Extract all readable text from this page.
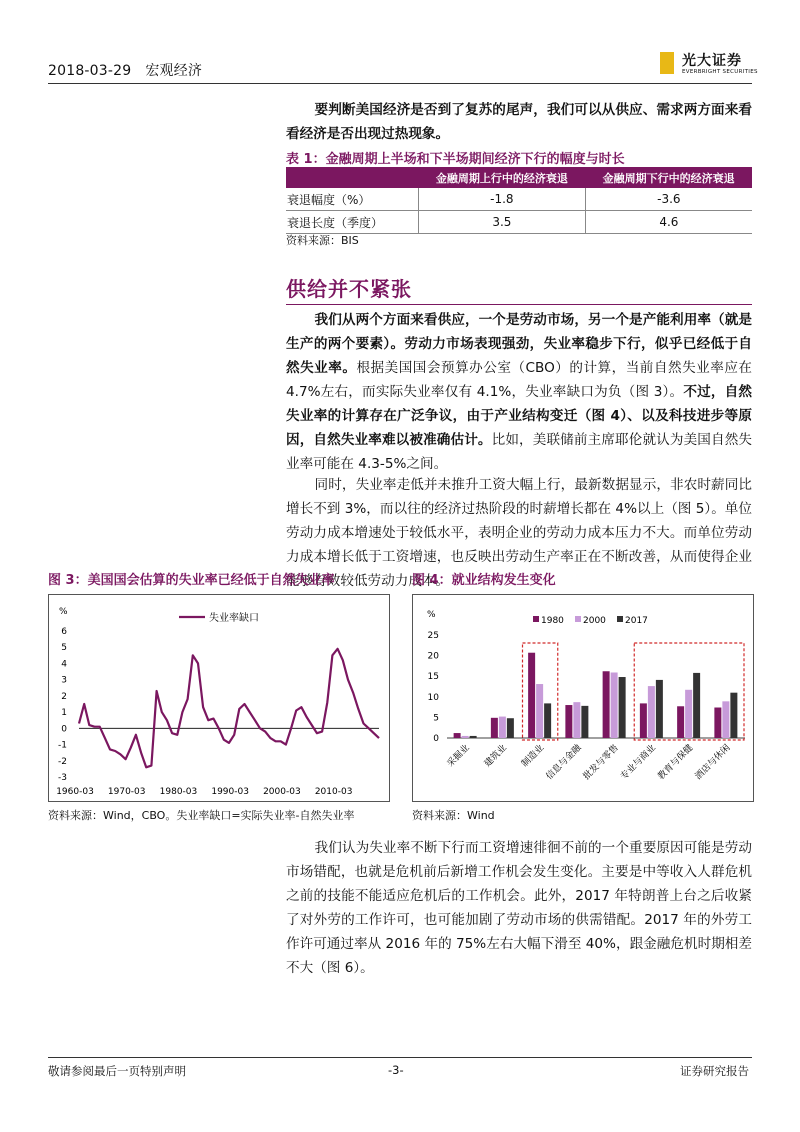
2018-03-29 宏观经济
光大证券
EVERBRIGHT SECURITIES
要判断美国经济是否到了复苏的尾声，我们可以从供应、需求两方面来看看经济是否出现过热现象。
表 1：金融周期上半场和下半场期间经济下行的幅度与时长
	金融周期上行中的经济衰退	金融周期下行中的经济衰退
衰退幅度（%）	-1.8	-3.6
衰退长度（季度）	3.5	4.6
资料来源：BIS
供给并不紧张
我们从两个方面来看供应，一个是劳动市场，另一个是产能利用率（就是生产的两个要素）。劳动力市场表现强劲，失业率稳步下行，似乎已经低于自然失业率。根据美国国会预算办公室（CBO）的计算，当前自然失业率应在 4.7%左右，而实际失业率仅有 4.1%，失业率缺口为负（图 3）。不过，自然失业率的计算存在广泛争议，由于产业结构变迁（图 4）、以及科技进步等原因，自然失业率难以被准确估计。比如，美联储前主席耶伦就认为美国自然失业率可能在 4.3-5%之间。
同时，失业率走低并未推升工资大幅上行，最新数据显示，非农时薪同比增长不到 3%，而以往的经济过热阶段的时薪增长都在 4%以上（图 5）。单位劳动力成本增速处于较低水平，表明企业的劳动力成本压力不大。而单位劳动力成本增长低于工资增速，也反映出劳动生产率正在不断改善，从而使得企业能够有效较低劳动力成本。
图 3：美国国会估算的失业率已经低于自然失业率	图 4：就业结构发生变化
%
6
5
4
3
2
1
0
-1
-2
-3
1960-03 1970-03 1980-03 1990-03 2000-03 2010-03
失业率缺口
资料来源：Wind，CBO。失业率缺口=实际失业率-自然失业率
%
25
20
15
10
5
0
采掘业 建筑业 制造业
信息与金融
批发与零售
专业与商业
教育与保健
酒店与休闲
1980 2000 2017
资料来源：Wind
我们认为失业率不断下行而工资增速徘徊不前的一个重要原因可能是劳动市场错配，也就是危机前后新增工作机会发生变化。主要是中等收入人群危机之前的技能不能适应危机后的工作机会。此外，2017 年特朗普上台之后收紧了对外劳的工作许可，也可能加剧了劳动市场的供需错配。2017 年的外劳工作许可通过率从 2016 年的 75%左右大幅下滑至 40%，跟金融危机时期相差不大（图 6）。
敬请参阅最后一页特别声明	-3-	证券研究报告
